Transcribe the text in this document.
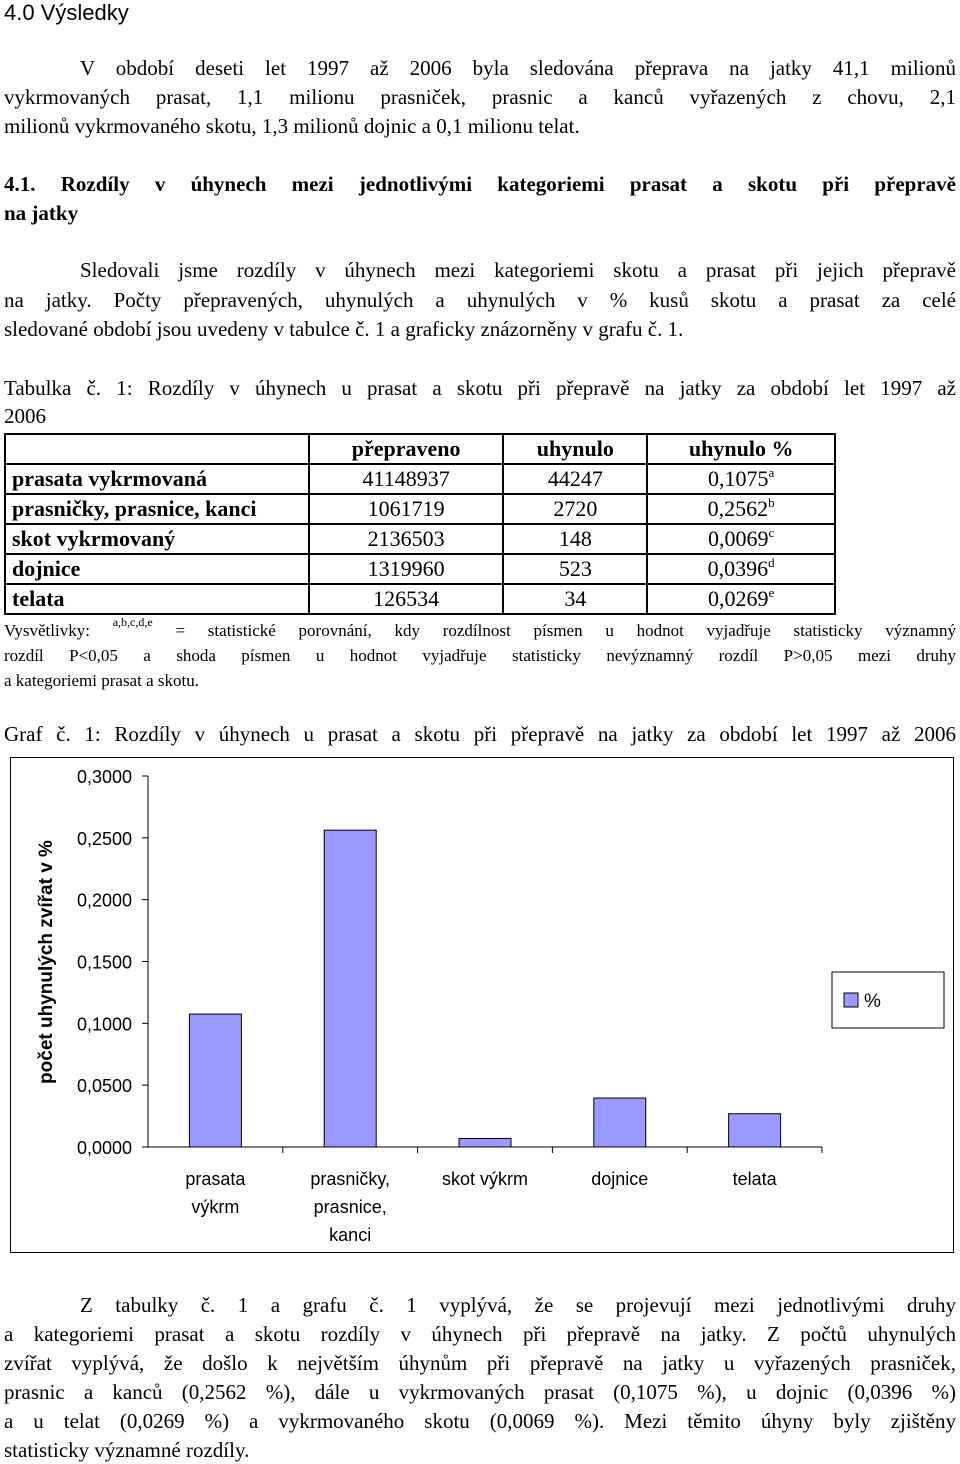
4.0 Výsledky
V období deseti let 1997 až 2006 byla sledována přeprava na jatky 41,1 milionů
vykrmovaných prasat, 1,1 milionu prasniček, prasnic a kanců vyřazených z chovu, 2,1
milionů vykrmovaného skotu, 1,3 milionů dojnic a 0,1 milionu telat.
4.1. Rozdíly v úhynech mezi jednotlivými kategoriemi prasat a skotu při přepravě
na jatky
Sledovali jsme rozdíly v úhynech mezi kategoriemi skotu a prasat při jejich přepravě
na jatky. Počty přepravených, uhynulých a uhynulých v % kusů skotu a prasat za celé
sledované období jsou uvedeny v tabulce č. 1 a graficky znázorněny v grafu č. 1.
Tabulka č. 1: Rozdíly v úhynech u prasat a skotu při přepravě na jatky za období let 1997 až
2006
	přepraveno	uhynulo	uhynulo %
prasata vykrmovaná	41148937	44247	0,1075$^a$
prasničky, prasnice, kanci	1061719	2720	0,2562$^b$
skot vykrmovaný	2136503	148	0,0069$^c$
dojnice	1319960	523	0,0396$^d$
telata	126534	34	0,0269e
Vysvětlivky: $^{a,b,c,d,e}$ = statistické porovnání, kdy rozdílnost písmen u hodnot vyjadřuje statisticky významný
rozdíl P<0,05 a shoda písmen u hodnot vyjadřuje statisticky nevýznamný rozdíl P>0,05 mezi druhy
a kategoriemi prasat a skotu.
Graf č. 1: Rozdíly v úhynech u prasat a skotu při přepravě na jatky za období let 1997 až 2006
0,0000
0,0500
0,1000
0,1500
0,2000
0,2500
0,3000
počet uhynulých zvířat v %
prasata
výkrm
prasničky,
prasnice,
kanci
skot výkrm	dojnice	telata
%
Z tabulky č. 1 a grafu č. 1 vyplývá, že se projevují mezi jednotlivými druhy
a kategoriemi prasat a skotu rozdíly v úhynech při přepravě na jatky. Z počtů uhynulých
zvířat vyplývá, že došlo k největším úhynům při přepravě na jatky u vyřazených prasniček,
prasnic a kanců (0,2562 %), dále u vykrmovaných prasat (0,1075 %), u dojnic (0,0396 %)
a u telat (0,0269 %) a vykrmovaného skotu (0,0069 %). Mezi těmito úhyny byly zjištěny
statisticky významné rozdíly.
